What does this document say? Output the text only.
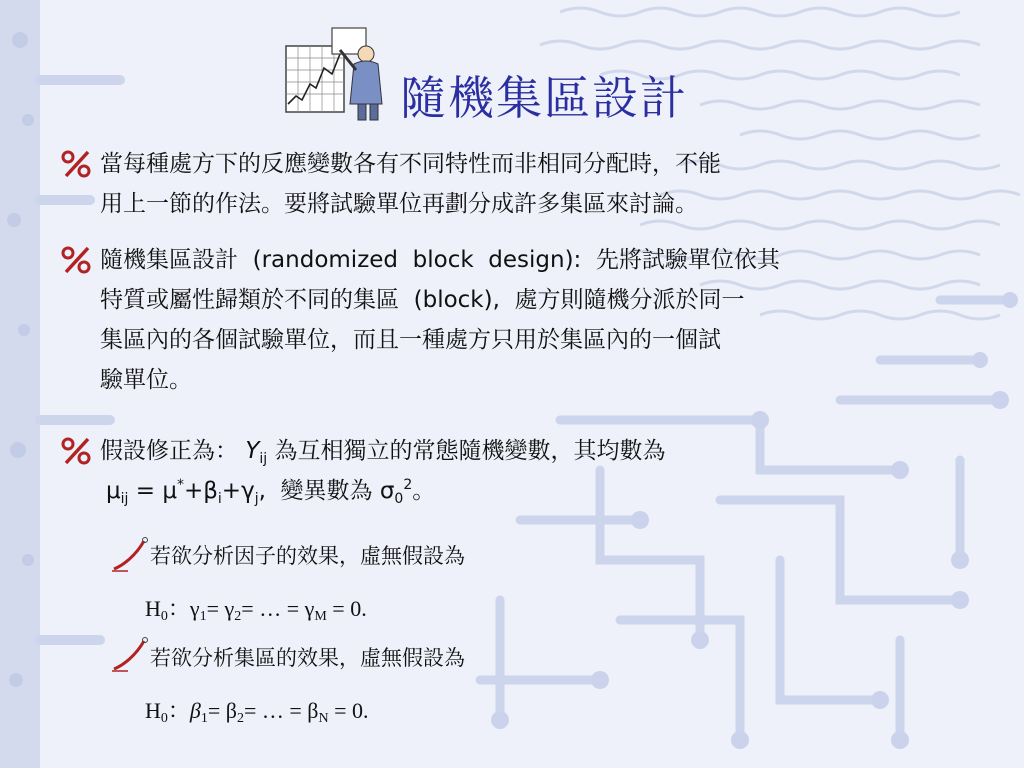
隨機集區設計
當每種處方下的反應變數各有不同特性而非相同分配時，不能
用上一節的作法。要將試驗單位再劃分成許多集區來討論。
隨機集區設計  (randomized  block  design):  先將試驗單位依其
特質或屬性歸類於不同的集區  (block),  處方則隨機分派於同一
集區內的各個試驗單位，而且一種處方只用於集區內的一個試
驗單位。
假設修正為： $Y_{ij}$ 為互相獨立的常態隨機變數，其均數為
$\mu_{ij} = \mu^*+\beta_i+\gamma_j$,  變異數為 $\sigma_0^2$。
若欲分析因子的效果，虛無假設為
H0：γ1= γ2= … = γM = 0.
若欲分析集區的效果，虛無假設為
H0：β1= β2= … = βN = 0.
